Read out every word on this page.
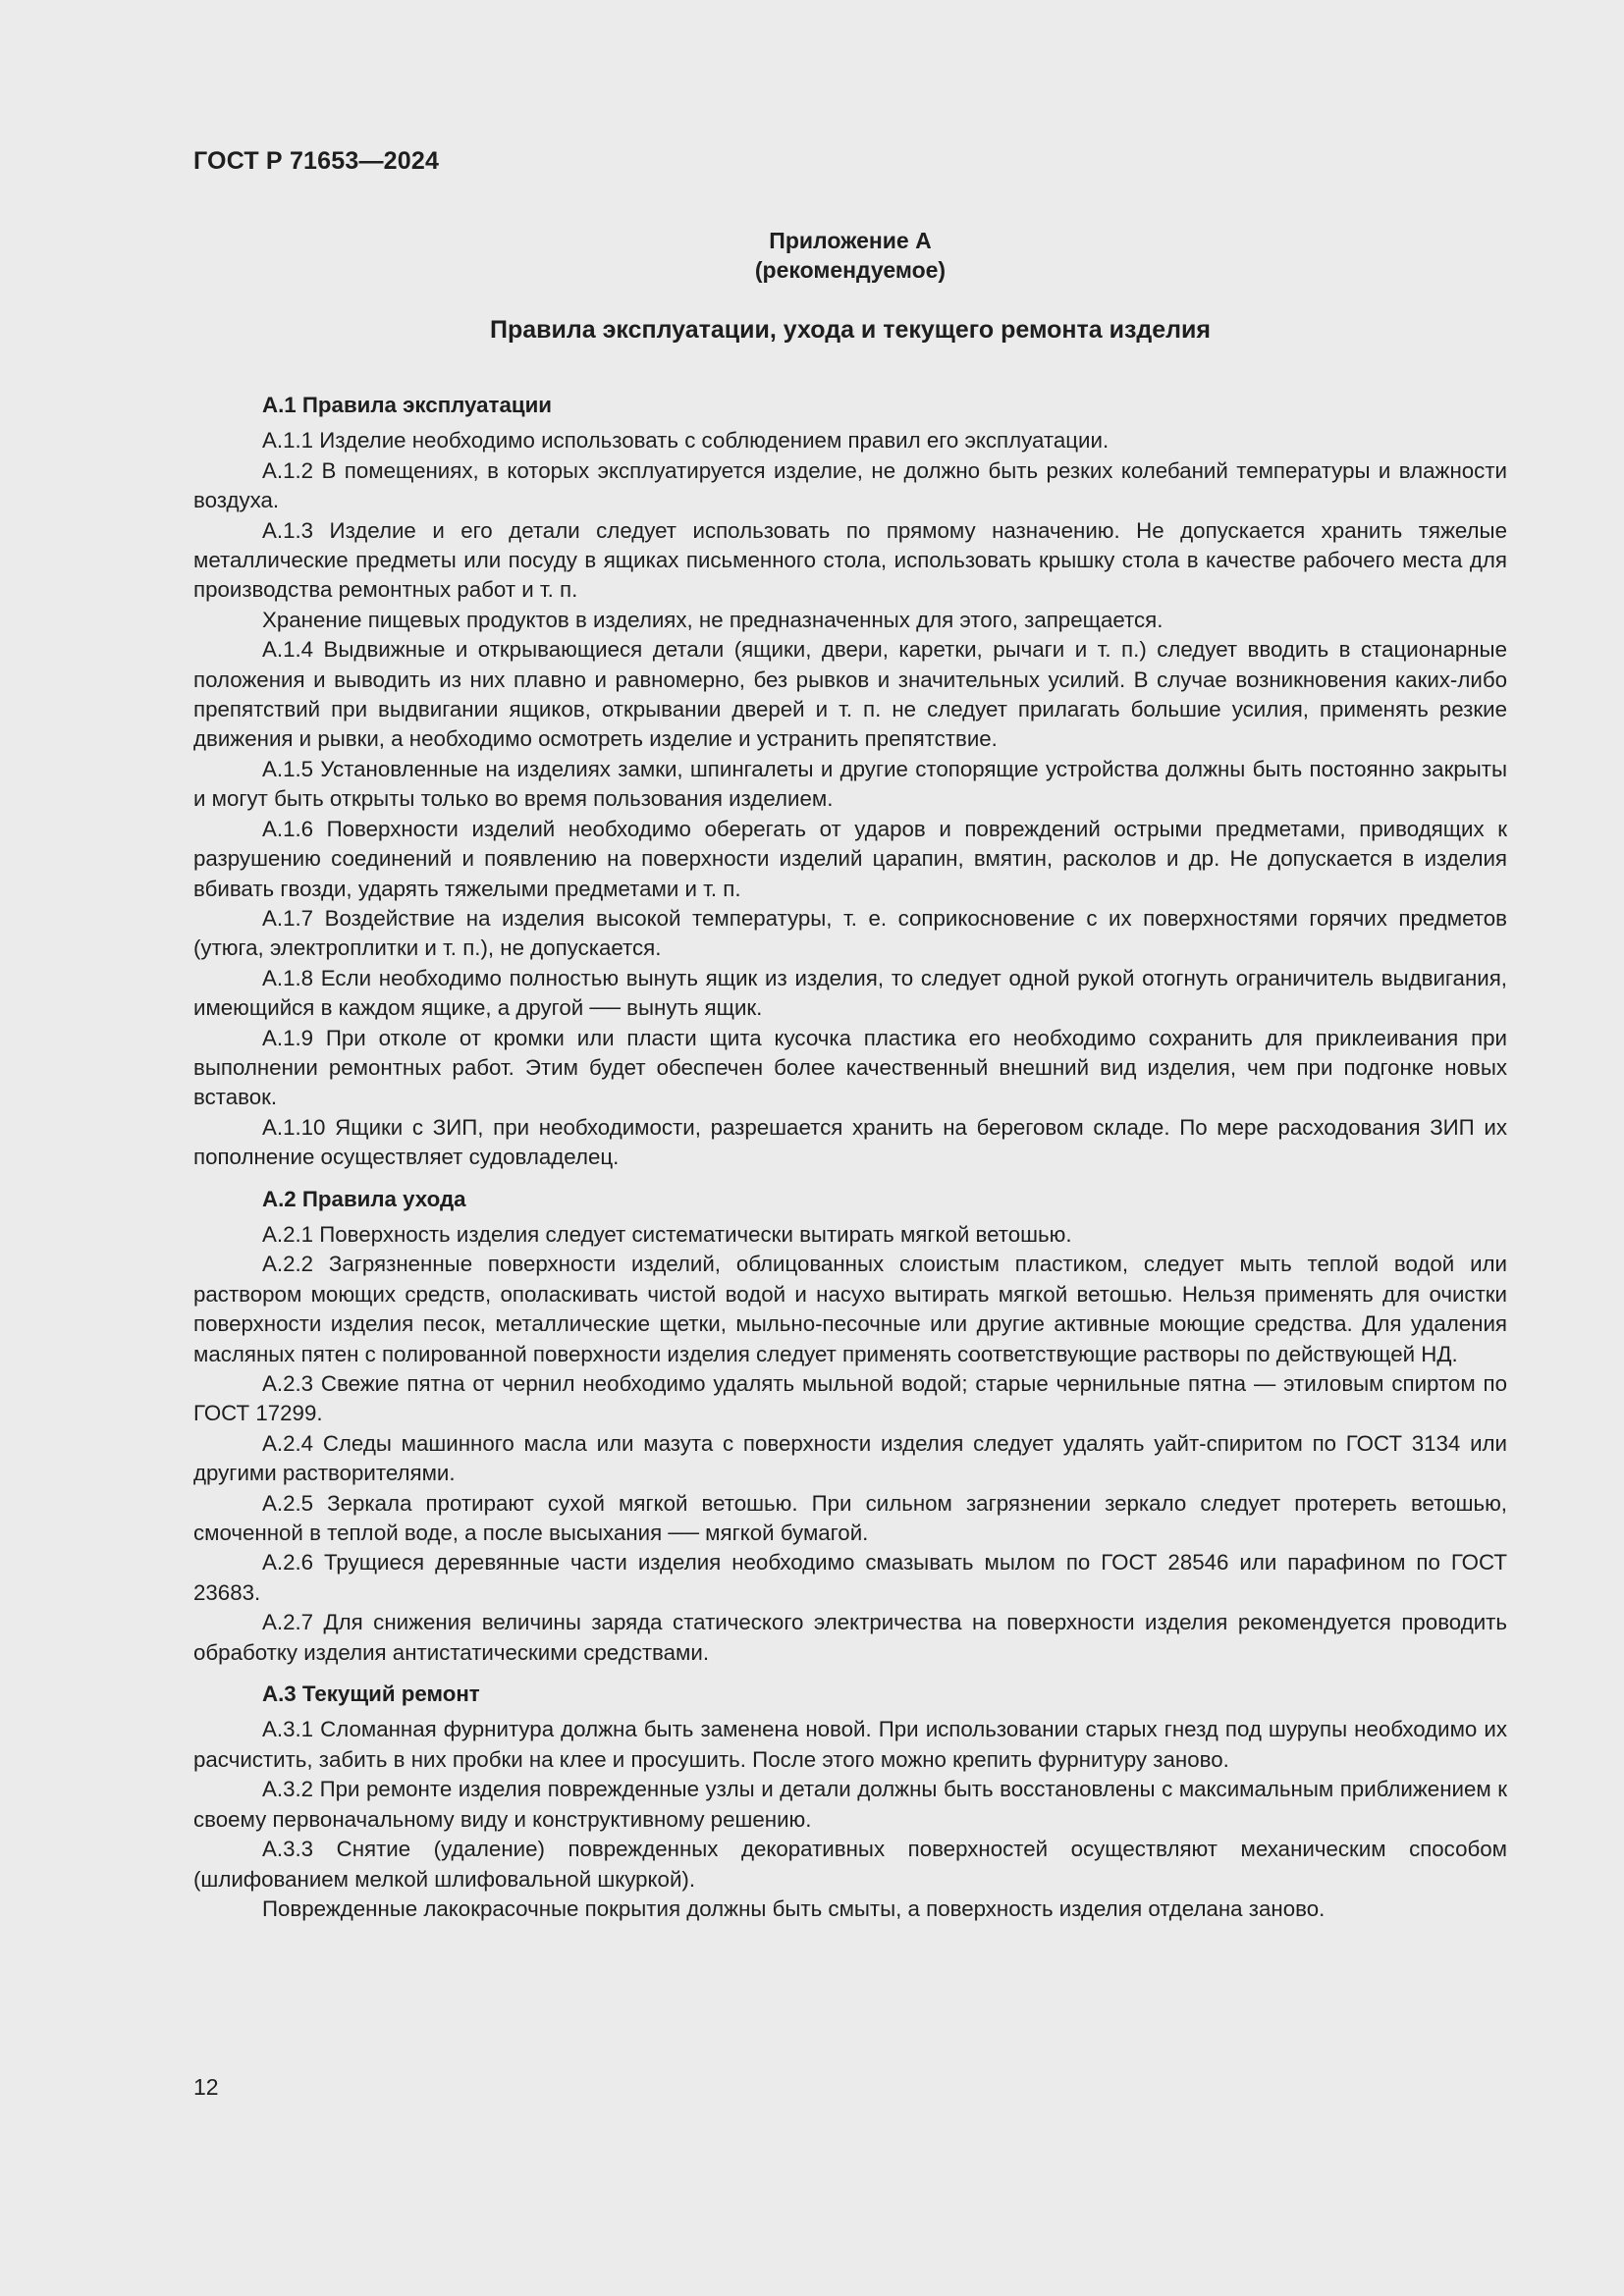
ГОСТ Р 71653—2024
Приложение А
(рекомендуемое)
Правила эксплуатации, ухода и текущего ремонта изделия
А.1 Правила эксплуатации

А.1.1 Изделие необходимо использовать с соблюдением правил его эксплуатации.

А.1.2 В помещениях, в которых эксплуатируется изделие, не должно быть резких колебаний температуры и влажности воздуха.

А.1.3 Изделие и его детали следует использовать по прямому назначению. Не допускается хранить тяжелые металлические предметы или посуду в ящиках письменного стола, использовать крышку стола в качестве рабочего места для производства ремонтных работ и т. п.

Хранение пищевых продуктов в изделиях, не предназначенных для этого, запрещается.

А.1.4 Выдвижные и открывающиеся детали (ящики, двери, каретки, рычаги и т. п.) следует вводить в стационарные положения и выводить из них плавно и равномерно, без рывков и значительных усилий. В случае возникновения каких-либо препятствий при выдвигании ящиков, открывании дверей и т. п. не следует прилагать большие усилия, применять резкие движения и рывки, а необходимо осмотреть изделие и устранить препятствие.

А.1.5 Установленные на изделиях замки, шпингалеты и другие стопорящие устройства должны быть постоянно закрыты и могут быть открыты только во время пользования изделием.

А.1.6 Поверхности изделий необходимо оберегать от ударов и повреждений острыми предметами, приводящих к разрушению соединений и появлению на поверхности изделий царапин, вмятин, расколов и др. Не допускается в изделия вбивать гвозди, ударять тяжелыми предметами и т. п.

А.1.7 Воздействие на изделия высокой температуры, т. е. соприкосновение с их поверхностями горячих предметов (утюга, электроплитки и т. п.), не допускается.

А.1.8 Если необходимо полностью вынуть ящик из изделия, то следует одной рукой отогнуть ограничитель выдвигания, имеющийся в каждом ящике, а другой ── вынуть ящик.

А.1.9 При отколе от кромки или пласти щита кусочка пластика его необходимо сохранить для приклеивания при выполнении ремонтных работ. Этим будет обеспечен более качественный внешний вид изделия, чем при подгонке новых вставок.

А.1.10 Ящики с ЗИП, при необходимости, разрешается хранить на береговом складе. По мере расходования ЗИП их пополнение осуществляет судовладелец.

А.2 Правила ухода

А.2.1 Поверхность изделия следует систематически вытирать мягкой ветошью.

А.2.2 Загрязненные поверхности изделий, облицованных слоистым пластиком, следует мыть теплой водой или раствором моющих средств, ополаскивать чистой водой и насухо вытирать мягкой ветошью. Нельзя применять для очистки поверхности изделия песок, металлические щетки, мыльно-песочные или другие активные моющие средства. Для удаления масляных пятен с полированной поверхности изделия следует применять соответствующие растворы по действующей НД.

А.2.3 Свежие пятна от чернил необходимо удалять мыльной водой; старые чернильные пятна — этиловым спиртом по ГОСТ 17299.

А.2.4 Следы машинного масла или мазута с поверхности изделия следует удалять уайт-спиритом по ГОСТ 3134 или другими растворителями.

А.2.5 Зеркала протирают сухой мягкой ветошью. При сильном загрязнении зеркало следует протереть ветошью, смоченной в теплой воде, а после высыхания ── мягкой бумагой.

А.2.6 Трущиеся деревянные части изделия необходимо смазывать мылом по ГОСТ 28546 или парафином по ГОСТ 23683.

А.2.7 Для снижения величины заряда статического электричества на поверхности изделия рекомендуется проводить обработку изделия антистатическими средствами.

А.3 Текущий ремонт

А.3.1 Сломанная фурнитура должна быть заменена новой. При использовании старых гнезд под шурупы необходимо их расчистить, забить в них пробки на клее и просушить. После этого можно крепить фурнитуру заново.

А.3.2 При ремонте изделия поврежденные узлы и детали должны быть восстановлены с максимальным приближением к своему первоначальному виду и конструктивному решению.

А.3.3 Снятие (удаление) поврежденных декоративных поверхностей осуществляют механическим способом (шлифованием мелкой шлифовальной шкуркой).

Поврежденные лакокрасочные покрытия должны быть смыты, а поверхность изделия отделана заново.

12
